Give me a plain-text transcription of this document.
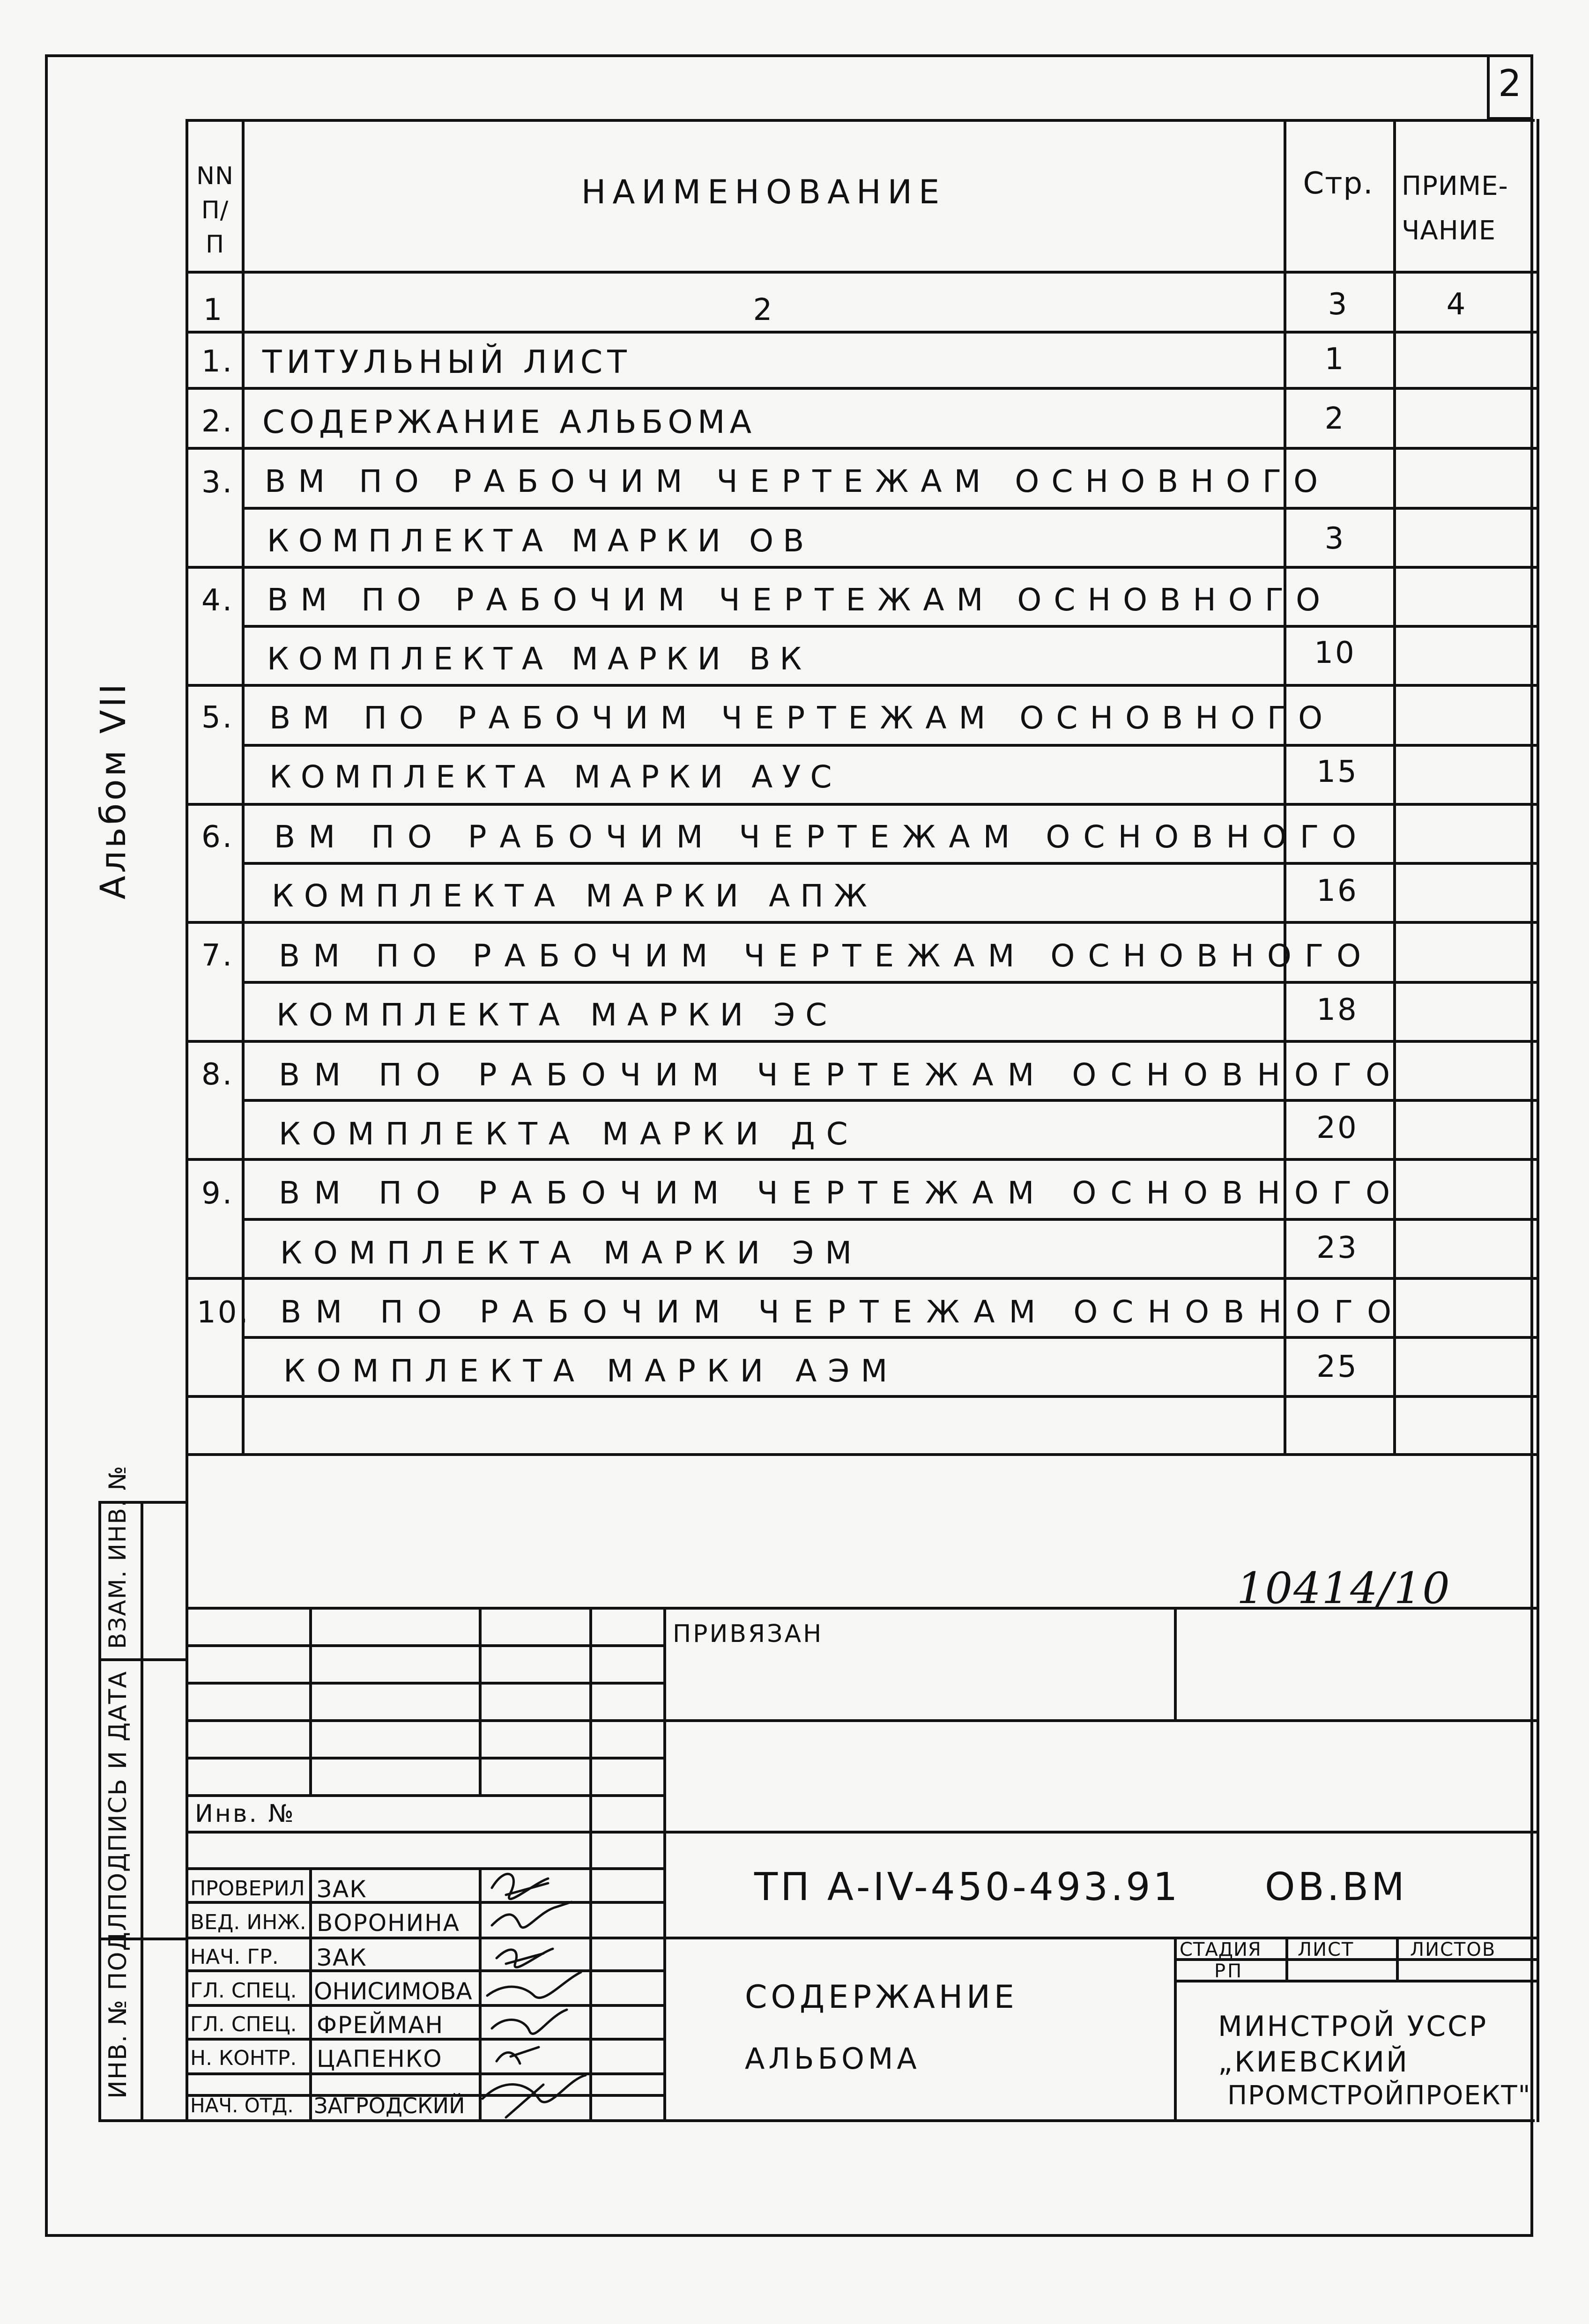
2
Альбом VII
NN П/П
НАИМЕНОВАНИЕ	Стр. ПРИМЕ-ЧАНИЕ
1	2	3	4
1. ТИТУЛЬНЫЙ ЛИСТ	1
2. СОДЕРЖАНИЕ АЛЬБОМА	2
3. ВМ ПО РАБОЧИМ ЧЕРТЕЖАМ ОСНОВНОГО
КОМПЛЕКТА МАРКИ ОВ	3
4. ВМ ПО РАБОЧИМ ЧЕРТЕЖАМ ОСНОВНОГО
КОМПЛЕКТА МАРКИ ВК	10
5. ВМ ПО РАБОЧИМ ЧЕРТЕЖАМ ОСНОВНОГО
КОМПЛЕКТА МАРКИ АУС	15
6. ВМ ПО РАБОЧИМ ЧЕРТЕЖАМ ОСНОВНОГО
КОМПЛЕКТА МАРКИ АПЖ	16
7. ВМ ПО РАБОЧИМ ЧЕРТЕЖАМ ОСНОВНОГО
КОМПЛЕКТА МАРКИ ЭС	18
8. ВМ ПО РАБОЧИМ ЧЕРТЕЖАМ ОСНОВНОГО
КОМПЛЕКТА МАРКИ ДС	20
9. ВМ ПО РАБОЧИМ ЧЕРТЕЖАМ ОСНОВНОГО
КОМПЛЕКТА МАРКИ ЭМ	23
10. ВМ ПО РАБОЧИМ ЧЕРТЕЖАМ ОСНОВНОГО
КОМПЛЕКТА МАРКИ АЭМ	25
10414/10
ВЗАМ. ИНВ. №
ПОДПИСЬ И ДАТА
ИНВ. № ПОДЛ.
ПРИВЯЗАН
Инв. №
ПРОВЕРИЛ ЗАК
ВЕД. ИНЖ. ВОРОНИНА
НАЧ. ГР. ЗАК
ГЛ. СПЕЦ. ОНИСИМОВА
ГЛ. СПЕЦ. ФРЕЙМАН
Н. КОНТР. ЦАПЕНКО
НАЧ. ОТД. ЗАГРОДСКИЙ
ТП А-IV-450-493.91 ОВ.ВМ
СТАДИЯ ЛИСТ	ЛИСТОВ
РП
СОДЕРЖАНИЕ
АЛЬБОМА
МИНСТРОЙ УССР
„КИЕВСКИЙ
ПРОМСТРОЙПРОЕКТ"
